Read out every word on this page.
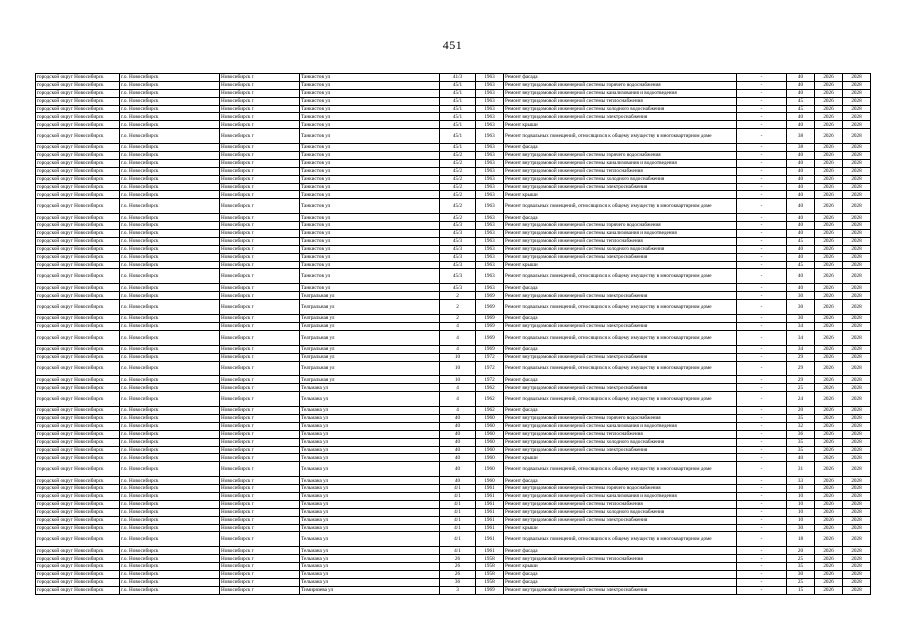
451
городской округ Новосибирск	г.о. Новосибирск	Новосибирск г	Танкистов ул	41/3	1963	Ремонт фасада	-	40	2026	2028
городской округ Новосибирск	г.о. Новосибирск	Новосибирск г	Танкистов ул	45/1	1963	Ремонт внутридомовой инженерной системы горячего водоснабжения	-	40	2026	2028
городской округ Новосибирск	г.о. Новосибирск	Новосибирск г	Танкистов ул	45/1	1963	Ремонт внутридомовой инженерной системы канализования и водоотведения	-	40	2026	2028
городской округ Новосибирск	г.о. Новосибирск	Новосибирск г	Танкистов ул	45/1	1963	Ремонт внутридомовой инженерной системы теплоснабжения	-	45	2026	2028
городской округ Новосибирск	г.о. Новосибирск	Новосибирск г	Танкистов ул	45/1	1963	Ремонт внутридомовой инженерной системы холодного водоснабжения	-	45	2026	2028
городской округ Новосибирск	г.о. Новосибирск	Новосибирск г	Танкистов ул	45/1	1963	Ремонт внутридомовой инженерной системы электроснабжения	-	40	2026	2028
городской округ Новосибирск	г.о. Новосибирск	Новосибирск г	Танкистов ул	45/1	1963	Ремонт крыши	-	40	2026	2028
городской округ Новосибирск	г.о. Новосибирск	Новосибирск г	Танкистов ул	45/1	1963	Ремонт подвальных помещений, относящихся к общему имуществу в многоквартирном доме	-	38	2026	2028
городской округ Новосибирск	г.о. Новосибирск	Новосибирск г	Танкистов ул	45/1	1963	Ремонт фасада	-	38	2026	2028
городской округ Новосибирск	г.о. Новосибирск	Новосибирск г	Танкистов ул	45/2	1963	Ремонт внутридомовой инженерной системы горячего водоснабжения	-	40	2026	2028
городской округ Новосибирск	г.о. Новосибирск	Новосибирск г	Танкистов ул	45/2	1963	Ремонт внутридомовой инженерной системы канализования и водоотведения	-	40	2026	2028
городской округ Новосибирск	г.о. Новосибирск	Новосибирск г	Танкистов ул	45/2	1963	Ремонт внутридомовой инженерной системы теплоснабжения	-	40	2026	2028
городской округ Новосибирск	г.о. Новосибирск	Новосибирск г	Танкистов ул	45/2	1963	Ремонт внутридомовой инженерной системы холодного водоснабжения	-	40	2026	2028
городской округ Новосибирск	г.о. Новосибирск	Новосибирск г	Танкистов ул	45/2	1963	Ремонт внутридомовой инженерной системы электроснабжения	-	40	2026	2028
городской округ Новосибирск	г.о. Новосибирск	Новосибирск г	Танкистов ул	45/2	1963	Ремонт крыши	-	40	2026	2028
городской округ Новосибирск	г.о. Новосибирск	Новосибирск г	Танкистов ул	45/2	1963	Ремонт подвальных помещений, относящихся к общему имуществу в многоквартирном доме	-	40	2026	2028
городской округ Новосибирск	г.о. Новосибирск	Новосибирск г	Танкистов ул	45/2	1963	Ремонт фасада	-	40	2026	2028
городской округ Новосибирск	г.о. Новосибирск	Новосибирск г	Танкистов ул	45/3	1963	Ремонт внутридомовой инженерной системы горячего водоснабжения	-	40	2026	2028
городской округ Новосибирск	г.о. Новосибирск	Новосибирск г	Танкистов ул	45/3	1963	Ремонт внутридомовой инженерной системы канализования и водоотведения	-	40	2026	2028
городской округ Новосибирск	г.о. Новосибирск	Новосибирск г	Танкистов ул	45/3	1963	Ремонт внутридомовой инженерной системы теплоснабжения	-	45	2026	2028
городской округ Новосибирск	г.о. Новосибирск	Новосибирск г	Танкистов ул	45/3	1963	Ремонт внутридомовой инженерной системы холодного водоснабжения	-	40	2026	2028
городской округ Новосибирск	г.о. Новосибирск	Новосибирск г	Танкистов ул	45/3	1963	Ремонт внутридомовой инженерной системы электроснабжения	-	40	2026	2028
городской округ Новосибирск	г.о. Новосибирск	Новосибирск г	Танкистов ул	45/3	1963	Ремонт крыши	-	45	2026	2028
городской округ Новосибирск	г.о. Новосибирск	Новосибирск г	Танкистов ул	45/3	1963	Ремонт подвальных помещений, относящихся к общему имуществу в многоквартирном доме	-	40	2026	2028
городской округ Новосибирск	г.о. Новосибирск	Новосибирск г	Танкистов ул	45/3	1963	Ремонт фасада	-	40	2026	2028
городской округ Новосибирск	г.о. Новосибирск	Новосибирск г	Театральная ул	2	1969	Ремонт внутридомовой инженерной системы электроснабжения	-	30	2026	2028
городской округ Новосибирск	г.о. Новосибирск	Новосибирск г	Театральная ул	2	1969	Ремонт подвальных помещений, относящихся к общему имуществу в многоквартирном доме	-	30	2026	2028
городской округ Новосибирск	г.о. Новосибирск	Новосибирск г	Театральная ул	2	1969	Ремонт фасада	-	30	2026	2028
городской округ Новосибирск	г.о. Новосибирск	Новосибирск г	Театральная ул	4	1969	Ремонт внутридомовой инженерной системы электроснабжения	-	34	2026	2028
городской округ Новосибирск	г.о. Новосибирск	Новосибирск г	Театральная ул	4	1969	Ремонт подвальных помещений, относящихся к общему имуществу в многоквартирном доме	-	34	2026	2028
городской округ Новосибирск	г.о. Новосибирск	Новосибирск г	Театральная ул	4	1969	Ремонт фасада	-	34	2026	2028
городской округ Новосибирск	г.о. Новосибирск	Новосибирск г	Театральная ул	10	1972	Ремонт внутридомовой инженерной системы электроснабжения	-	29	2026	2028
городской округ Новосибирск	г.о. Новосибирск	Новосибирск г	Театральная ул	10	1972	Ремонт подвальных помещений, относящихся к общему имуществу в многоквартирном доме	-	29	2026	2028
городской округ Новосибирск	г.о. Новосибирск	Новосибирск г	Театральная ул	10	1972	Ремонт фасада	-	29	2026	2028
городской округ Новосибирск	г.о. Новосибирск	Новосибирск г	Тельмана ул	4	1962	Ремонт внутридомовой инженерной системы электроснабжения	-	25	2026	2028
городской округ Новосибирск	г.о. Новосибирск	Новосибирск г	Тельмана ул	4	1962	Ремонт подвальных помещений, относящихся к общему имуществу в многоквартирном доме	-	24	2026	2028
городской округ Новосибирск	г.о. Новосибирск	Новосибирск г	Тельмана ул	4	1962	Ремонт фасада	-	20	2026	2028
городской округ Новосибирск	г.о. Новосибирск	Новосибирск г	Тельмана ул	40	1960	Ремонт внутридомовой инженерной системы горячего водоснабжения	-	35	2026	2028
городской округ Новосибирск	г.о. Новосибирск	Новосибирск г	Тельмана ул	40	1960	Ремонт внутридомовой инженерной системы канализования и водоотведения	-	32	2026	2028
городской округ Новосибирск	г.о. Новосибирск	Новосибирск г	Тельмана ул	40	1960	Ремонт внутридомовой инженерной системы теплоснабжения	-	36	2026	2028
городской округ Новосибирск	г.о. Новосибирск	Новосибирск г	Тельмана ул	40	1960	Ремонт внутридомовой инженерной системы холодного водоснабжения	-	35	2026	2028
городской округ Новосибирск	г.о. Новосибирск	Новосибирск г	Тельмана ул	40	1960	Ремонт внутридомовой инженерной системы электроснабжения	-	35	2026	2028
городской округ Новосибирск	г.о. Новосибирск	Новосибирск г	Тельмана ул	40	1960	Ремонт крыши	-	40	2026	2028
городской округ Новосибирск	г.о. Новосибирск	Новосибирск г	Тельмана ул	40	1960	Ремонт подвальных помещений, относящихся к общему имуществу в многоквартирном доме	-	31	2026	2028
городской округ Новосибирск	г.о. Новосибирск	Новосибирск г	Тельмана ул	40	1960	Ремонт фасада	-	33	2026	2028
городской округ Новосибирск	г.о. Новосибирск	Новосибирск г	Тельмана ул	4/1	1961	Ремонт внутридомовой инженерной системы горячего водоснабжения	-	10	2026	2028
городской округ Новосибирск	г.о. Новосибирск	Новосибирск г	Тельмана ул	4/1	1961	Ремонт внутридомовой инженерной системы канализования и водоотведения	-	10	2026	2028
городской округ Новосибирск	г.о. Новосибирск	Новосибирск г	Тельмана ул	4/1	1961	Ремонт внутридомовой инженерной системы теплоснабжения	-	10	2026	2028
городской округ Новосибирск	г.о. Новосибирск	Новосибирск г	Тельмана ул	4/1	1961	Ремонт внутридомовой инженерной системы холодного водоснабжения	-	10	2026	2028
городской округ Новосибирск	г.о. Новосибирск	Новосибирск г	Тельмана ул	4/1	1961	Ремонт внутридомовой инженерной системы электроснабжения	-	10	2026	2028
городской округ Новосибирск	г.о. Новосибирск	Новосибирск г	Тельмана ул	4/1	1961	Ремонт крыши	-	30	2026	2028
городской округ Новосибирск	г.о. Новосибирск	Новосибирск г	Тельмана ул	4/1	1961	Ремонт подвальных помещений, относящихся к общему имуществу в многоквартирном доме	-	18	2026	2028
городской округ Новосибирск	г.о. Новосибирск	Новосибирск г	Тельмана ул	4/1	1961	Ремонт фасада	-	20	2026	2028
городской округ Новосибирск	г.о. Новосибирск	Новосибирск г	Тельмана ул	26	1958	Ремонт внутридомовой инженерной системы теплоснабжения	-	25	2026	2028
городской округ Новосибирск	г.о. Новосибирск	Новосибирск г	Тельмана ул	26	1958	Ремонт крыши	-	35	2026	2028
городской округ Новосибирск	г.о. Новосибирск	Новосибирск г	Тельмана ул	26	1958	Ремонт фасада	-	30	2026	2028
городской округ Новосибирск	г.о. Новосибирск	Новосибирск г	Тельмана ул	36	1958	Ремонт фасада	-	25	2026	2028
городской округ Новосибирск	г.о. Новосибирск	Новосибирск г	Тимирязева ул	3	1969	Ремонт внутридомовой инженерной системы электроснабжения	-	15	2026	2028
